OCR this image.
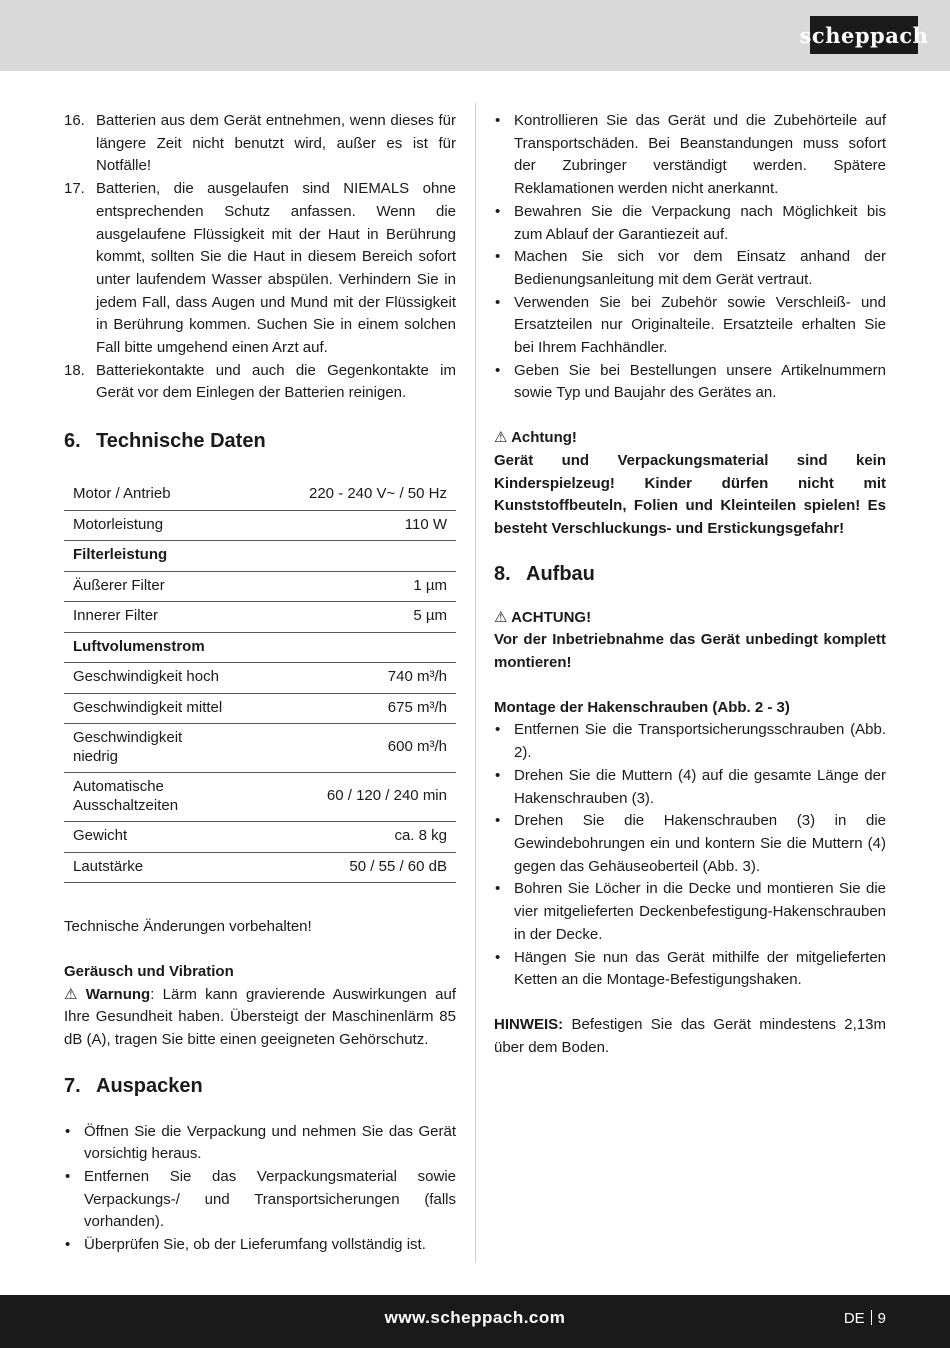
scheppach
16. Batterien aus dem Gerät entnehmen, wenn dieses für längere Zeit nicht benutzt wird, außer es ist für Notfälle!
17. Batterien, die ausgelaufen sind NIEMALS ohne entsprechenden Schutz anfassen. Wenn die ausgelaufene Flüssigkeit mit der Haut in Berührung kommt, sollten Sie die Haut in diesem Bereich sofort unter laufendem Wasser abspülen. Verhindern Sie in jedem Fall, dass Augen und Mund mit der Flüssigkeit in Berührung kommen. Suchen Sie in einem solchen Fall bitte umgehend einen Arzt auf.
18. Batteriekontakte und auch die Gegenkontakte im Gerät vor dem Einlegen der Batterien reinigen.
6. Technische Daten
Motor / Antrieb	220 - 240 V~ / 50 Hz
Motorleistung	110 W
Filterleistung	
Äußerer Filter	1 µm
Innerer Filter	5 µm
Luftvolumenstrom	
Geschwindigkeit hoch	740 m³/h
Geschwindigkeit mittel	675 m³/h
Geschwindigkeit niedrig	600 m³/h
Automatische Ausschaltzeiten	60 / 120 / 240 min
Gewicht	ca. 8 kg
Lautstärke	50 / 55 / 60 dB

Technische Änderungen vorbehalten!

Geräusch und Vibration

⚠ Warnung: Lärm kann gravierende Auswirkungen auf Ihre Gesundheit haben. Übersteigt der Maschinenlärm 85 dB (A), tragen Sie bitte einen geeigneten Gehörschutz.

7. Auspacken
• Öffnen Sie die Verpackung und nehmen Sie das Gerät vorsichtig heraus.
• Entfernen Sie das Verpackungsmaterial sowie Verpackungs-/ und Transportsicherungen (falls vorhanden).
• Überprüfen Sie, ob der Lieferumfang vollständig ist.
• Kontrollieren Sie das Gerät und die Zubehörteile auf Transportschäden. Bei Beanstandungen muss sofort der Zubringer verständigt werden. Spätere Reklamationen werden nicht anerkannt.
• Bewahren Sie die Verpackung nach Möglichkeit bis zum Ablauf der Garantiezeit auf.
• Machen Sie sich vor dem Einsatz anhand der Bedienungsanleitung mit dem Gerät vertraut.
• Verwenden Sie bei Zubehör sowie Verschleiß- und Ersatzteilen nur Originalteile. Ersatzteile erhalten Sie bei Ihrem Fachhändler.
• Geben Sie bei Bestellungen unsere Artikelnummern sowie Typ und Baujahr des Gerätes an.

⚠ Achtung!

Gerät und Verpackungsmaterial sind kein Kinderspielzeug! Kinder dürfen nicht mit Kunststoffbeuteln, Folien und Kleinteilen spielen! Es besteht Verschluckungs- und Erstickungsgefahr!

8. Aufbau

⚠ ACHTUNG!

Vor der Inbetriebnahme das Gerät unbedingt komplett montieren!

Montage der Hakenschrauben (Abb. 2 - 3)

• Entfernen Sie die Transportsicherungsschrauben (Abb. 2).
• Drehen Sie die Muttern (4) auf die gesamte Länge der Hakenschrauben (3).
• Drehen Sie die Hakenschrauben (3) in die Gewindebohrungen ein und kontern Sie die Muttern (4) gegen das Gehäuseoberteil (Abb. 3).
• Bohren Sie Löcher in die Decke und montieren Sie die vier mitgelieferten Deckenbefestigung-Hakenschrauben in der Decke.
• Hängen Sie nun das Gerät mithilfe der mitgelieferten Ketten an die Montage-Befestigungshaken.

HINWEIS: Befestigen Sie das Gerät mindestens 2,13m über dem Boden.

www.scheppach.com	DE 9
